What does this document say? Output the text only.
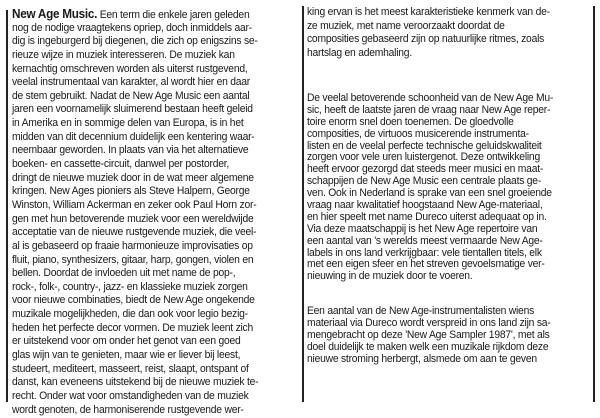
New Age Music. Een term die enkele jaren geleden
nog de nodige vraagtekens opriep, doch inmiddels aar-
dig is ingeburgerd bij diegenen, die zich op enigszins se-
rieuze wijze in muziek interesseren. De muziek kan
kernachtig omschreven worden als uiterst rustgevend,
veelal instrumentaal van karakter, al wordt hier en daar
de stem gebruikt. Nadat de New Age Music een aantal
jaren een voornamelijk sluimerend bestaan heeft geleid
in Amerika en in sommige delen van Europa, is in het
midden van dit decennium duidelijk een kentering waar-
neembaar geworden. In plaats van via het alternatieve
boeken- en cassette-circuit, danwel per postorder,
dringt de nieuwe muziek door in de wat meer algemene
kringen. New Ages pioniers als Steve Halpern, George
Winston, William Ackerman en zeker ook Paul Horn zor-
gen met hun betoverende muziek voor een wereldwijde
acceptatie van de nieuwe rustgevende muziek, die veel-
al is gebaseerd op fraaie harmonieuze improvisaties op
fluit, piano, synthesizers, gitaar, harp, gongen, violen en
bellen. Doordat de invloeden uit met name de pop-,
rock-, folk-, country-, jazz- en klassieke muziek zorgen
voor nieuwe combinaties, biedt de New Age ongekende
muzikale mogelijkheden, die dan ook voor legio bezig-
heden het perfecte decor vormen. De muziek leent zich
er uitstekend voor om onder het genot van een goed
glas wijn van te genieten, maar wie er liever bij leest,
studeert, mediteert, masseert, reist, slaapt, ontspant of
danst, kan eveneens uitstekend bij de nieuwe muziek te-
recht. Onder wat voor omstandigheden van de muziek
wordt genoten, de harmoniserende rustgevende wer-
king ervan is het meest karakteristieke kenmerk van de-
ze muziek, met name veroorzaakt doordat de
composities gebaseerd zijn op natuurlijke ritmes, zoals
hartslag en ademhaling.
De veelal betoverende schoonheid van de New Age Mu-
sic, heeft de laatste jaren de vraag naar New Age reper-
toire enorm snel doen toenemen. De gloedvolle
composities, de virtuoos musicerende instrumenta-
listen en de veelal perfecte technische geluidskwaliteit
zorgen voor vele uren luistergenot. Deze ontwikkeling
heeft ervoor gezorgd dat steeds meer musici en maat-
schappijen de New Age Music een centrale plaats ge-
ven. Ook in Nederland is sprake van een snel groeiende
vraag naar kwalitatief hoogstaand New Age-materiaal,
en hier speelt met name Dureco uiterst adequaat op in.
Via deze maatschappij is het New Age repertoire van
een aantal van 's werelds meest vermaarde New Age-
labels in ons land verkrijgbaar: vele tientallen titels, elk
met een eigen sfeer en het streven gevoelsmatige ver-
nieuwing in de muziek door te voeren.
Een aantal van de New Age-instrumentalisten wiens
materiaal via Dureco wordt verspreid in ons land zijn sa-
mengebracht op deze 'New Age Sampler 1987', met als
doel duidelijk te maken welk een muzikale rijkdom deze
nieuwe stroming herbergt, alsmede om aan te geven
